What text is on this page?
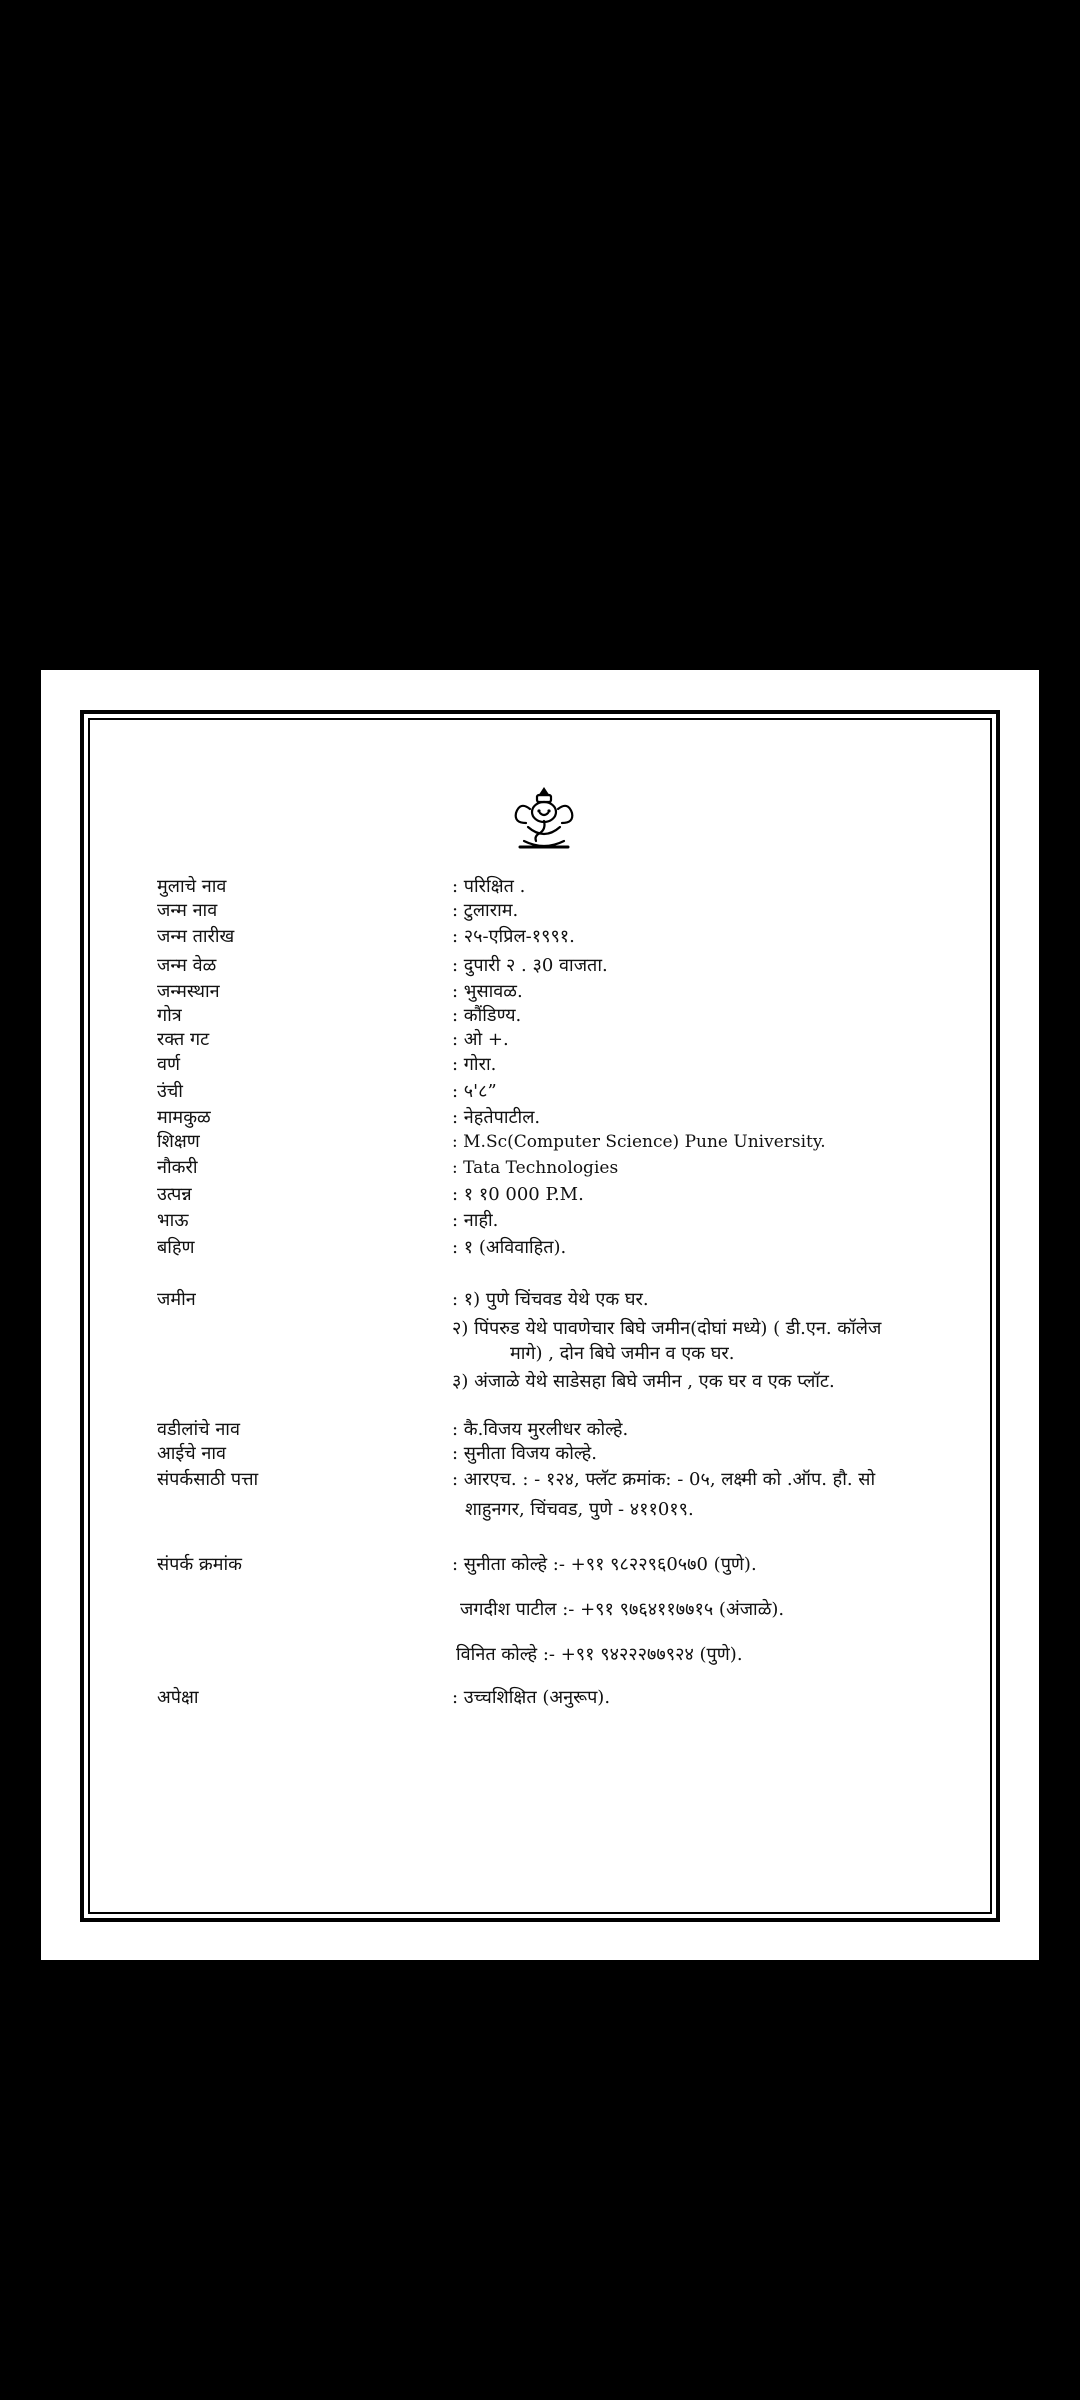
मुलाचे नाव	: परिक्षित .
जन्म नाव	: टुलाराम.
जन्म तारीख	: २५-एप्रिल-१९९१.
जन्म वेळ	: दुपारी २ . ३0 वाजता.
जन्मस्थान	: भुसावळ.
गोत्र	: कौंडिण्य.
रक्त गट	: ओ +.
वर्ण	: गोरा.
उंची	: ५'८”
मामकुळ	: नेहतेपाटील.
शिक्षण	: M.Sc(Computer Science) Pune University.
नौकरी	: Tata Technologies
उत्पन्न	: १ १0 000 P.M.
भाऊ	: नाही.
बहिण	: १ (अविवाहित).
जमीन	: १) पुणे चिंचवड येथे एक घर.
२) पिंपरुड येथे पावणेचार बिघे जमीन(दोघां मध्ये) ( डी.एन. कॉलेज
मागे) , दोन बिघे जमीन व एक घर.
३) अंजाळे येथे साडेसहा बिघे जमीन , एक घर व एक प्लॉट.
वडीलांचे नाव	: कै.विजय मुरलीधर कोल्हे.
आईचे नाव	: सुनीता विजय कोल्हे.
संपर्कसाठी पत्ता	: आरएच. : - १२४, फ्लॅट क्रमांक: - 0५, लक्ष्मी को .ऑप. हौ. सो
शाहुनगर, चिंचवड, पुणे - ४११0१९.
संपर्क क्रमांक	: सुनीता कोल्हे :- +९१ ९८२२९६0५७0 (पुणे).
जगदीश पाटील :- +९१ ९७६४११७७१५ (अंजाळे).
विनित कोल्हे :- +९१ ९४२२२७७९२४ (पुणे).
अपेक्षा	: उच्चशिक्षित (अनुरूप).
